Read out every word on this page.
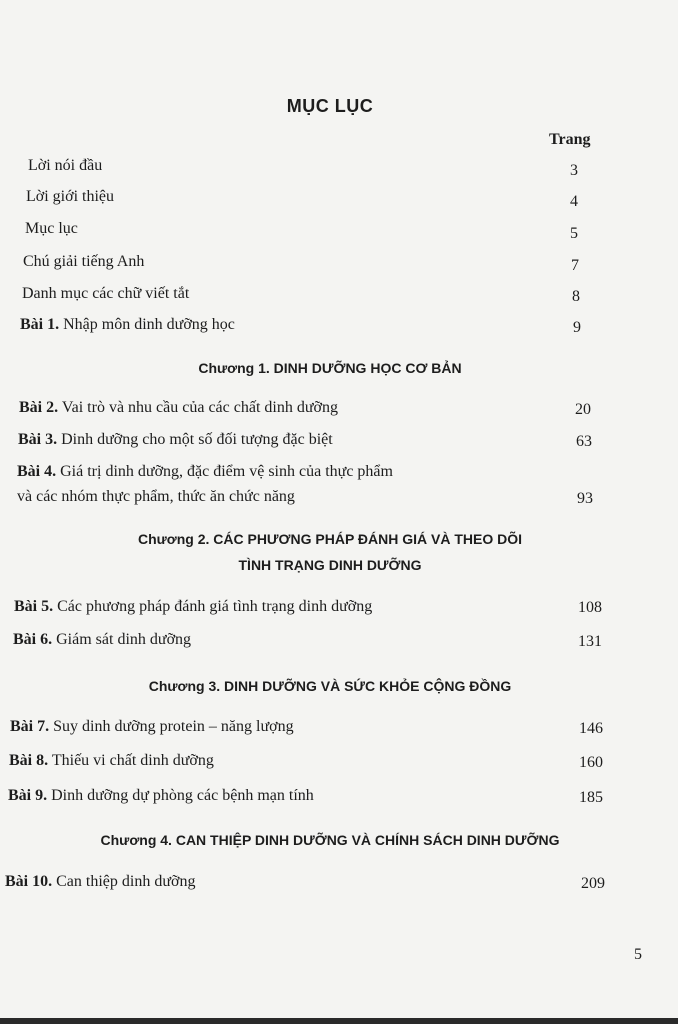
MỤC LỤC
Trang
Lời nói đầu	3
Lời giới thiệu	4
Mục lục	5
Chú giải tiếng Anh	7
Danh mục các chữ viết tắt	8
Bài 1. Nhập môn dinh dưỡng học	9
Chương 1. DINH DƯỠNG HỌC CƠ BẢN
Bài 2. Vai trò và nhu cầu của các chất dinh dưỡng	20
Bài 3. Dinh dưỡng cho một số đối tượng đặc biệt	63
Bài 4. Giá trị dinh dưỡng, đặc điểm vệ sinh của thực phẩm
và các nhóm thực phẩm, thức ăn chức năng	93
Chương 2. CÁC PHƯƠNG PHÁP ĐÁNH GIÁ VÀ THEO DÕI
TÌNH TRẠNG DINH DƯỠNG
Bài 5. Các phương pháp đánh giá tình trạng dinh dưỡng	108
Bài 6. Giám sát dinh dưỡng	131
Chương 3. DINH DƯỠNG VÀ SỨC KHỎE CỘNG ĐỒNG
Bài 7. Suy dinh dưỡng protein – năng lượng	146
Bài 8. Thiếu vi chất dinh dưỡng	160
Bài 9. Dinh dưỡng dự phòng các bệnh mạn tính	185
Chương 4. CAN THIỆP DINH DƯỠNG VÀ CHÍNH SÁCH DINH DƯỠNG
Bài 10. Can thiệp dinh dưỡng	209
5
